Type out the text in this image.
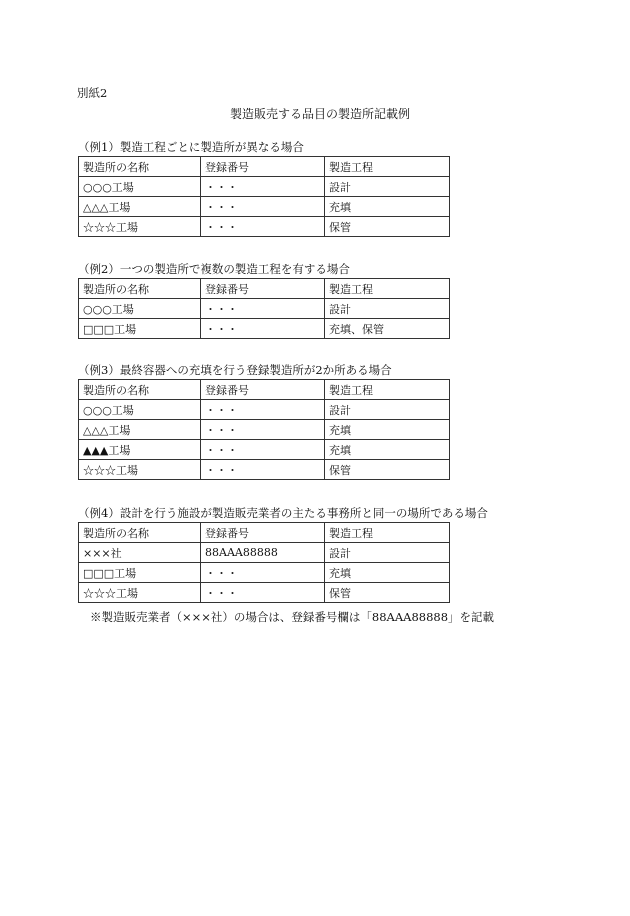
別紙2
製造販売する品目の製造所記載例
（例1）製造工程ごとに製造所が異なる場合
製造所の名称	登録番号	製造工程
○○○工場	・・・	設計
△△△工場	・・・	充填
☆☆☆工場	・・・	保管
（例2）一つの製造所で複数の製造工程を有する場合
製造所の名称	登録番号	製造工程
○○○工場	・・・	設計
□□□工場	・・・	充填、保管
（例3）最終容器への充填を行う登録製造所が2か所ある場合
製造所の名称	登録番号	製造工程
○○○工場	・・・	設計
△△△工場	・・・	充填
▲▲▲工場	・・・	充填
☆☆☆工場	・・・	保管
（例4）設計を行う施設が製造販売業者の主たる事務所と同一の場所である場合
製造所の名称	登録番号	製造工程
×××社	88AAA88888	設計
□□□工場	・・・	充填
☆☆☆工場	・・・	保管
※製造販売業者（×××社）の場合は、登録番号欄は「88AAA88888」を記載
